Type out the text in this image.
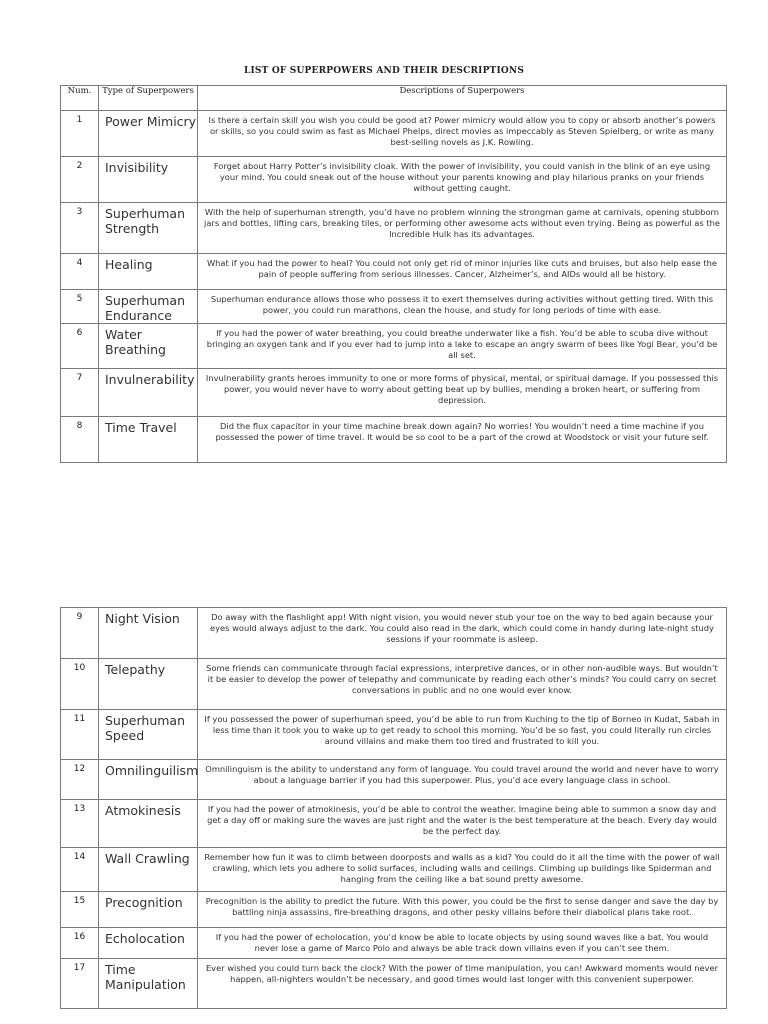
LIST OF SUPERPOWERS AND THEIR DESCRIPTIONS
Num.	Type of Superpowers	Descriptions of Superpowers
1	Power Mimicry	Is there a certain skill you wish you could be good at? Power mimicry would allow you to copy or absorb another’s powers or skills, so you could swim as fast as Michael Phelps, direct movies as impeccably as Steven Spielberg, or write as many best-selling novels as J.K. Rowling.
2	Invisibility	Forget about Harry Potter’s invisibility cloak. With the power of invisibility, you could vanish in the blink of an eye using your mind. You could sneak out of the house without your parents knowing and play hilarious pranks on your friends without getting caught.
3	Superhuman Strength	With the help of superhuman strength, you’d have no problem winning the strongman game at carnivals, opening stubborn jars and bottles, lifting cars, breaking tiles, or performing other awesome acts without even trying. Being as powerful as the Incredible Hulk has its advantages.
4	Healing	What if you had the power to heal? You could not only get rid of minor injuries like cuts and bruises, but also help ease the pain of people suffering from serious illnesses. Cancer, Alzheimer’s, and AIDs would all be history.
5	Superhuman Endurance	Superhuman endurance allows those who possess it to exert themselves during activities without getting tired. With this power, you could run marathons, clean the house, and study for long periods of time with ease.
6	Water Breathing	If you had the power of water breathing, you could breathe underwater like a fish. You’d be able to scuba dive without bringing an oxygen tank and if you ever had to jump into a lake to escape an angry swarm of bees like Yogi Bear, you’d be all set.
7	Invulnerability	Invulnerability grants heroes immunity to one or more forms of physical, mental, or spiritual damage. If you possessed this power, you would never have to worry about getting beat up by bullies, mending a broken heart, or suffering from depression.
8	Time Travel	Did the flux capacitor in your time machine break down again? No worries! You wouldn’t need a time machine if you possessed the power of time travel. It would be so cool to be a part of the crowd at Woodstock or visit your future self.
9	Night Vision	Do away with the flashlight app! With night vision, you would never stub your toe on the way to bed again because your eyes would always adjust to the dark. You could also read in the dark, which could come in handy during late-night study sessions if your roommate is asleep.
10	Telepathy	Some friends can communicate through facial expressions, interpretive dances, or in other non-audible ways. But wouldn’t it be easier to develop the power of telepathy and communicate by reading each other’s minds? You could carry on secret conversations in public and no one would ever know.
11	Superhuman Speed	If you possessed the power of superhuman speed, you’d be able to run from Kuching to the tip of Borneo in Kudat, Sabah in less time than it took you to wake up to get ready to school this morning. You’d be so fast, you could literally run circles around villains and make them too tired and frustrated to kill you.
12	Omnilinguilism	Omnilinguism is the ability to understand any form of language. You could travel around the world and never have to worry about a language barrier if you had this superpower. Plus, you’d ace every language class in school.
13	Atmokinesis	If you had the power of atmokinesis, you’d be able to control the weather. Imagine being able to summon a snow day and get a day off or making sure the waves are just right and the water is the best temperature at the beach. Every day would be the perfect day.
14	Wall Crawling	Remember how fun it was to climb between doorposts and walls as a kid? You could do it all the time with the power of wall crawling, which lets you adhere to solid surfaces, including walls and ceilings. Climbing up buildings like Spiderman and hanging from the ceiling like a bat sound pretty awesome.
15	Precognition	Precognition is the ability to predict the future. With this power, you could be the first to sense danger and save the day by battling ninja assassins, fire-breathing dragons, and other pesky villains before their diabolical plans take root.
16	Echolocation	If you had the power of echolocation, you’d know be able to locate objects by using sound waves like a bat. You would never lose a game of Marco Polo and always be able track down villains even if you can’t see them.
17	Time Manipulation	Ever wished you could turn back the clock? With the power of time manipulation, you can! Awkward moments would never happen, all-nighters wouldn’t be necessary, and good times would last longer with this convenient superpower.
